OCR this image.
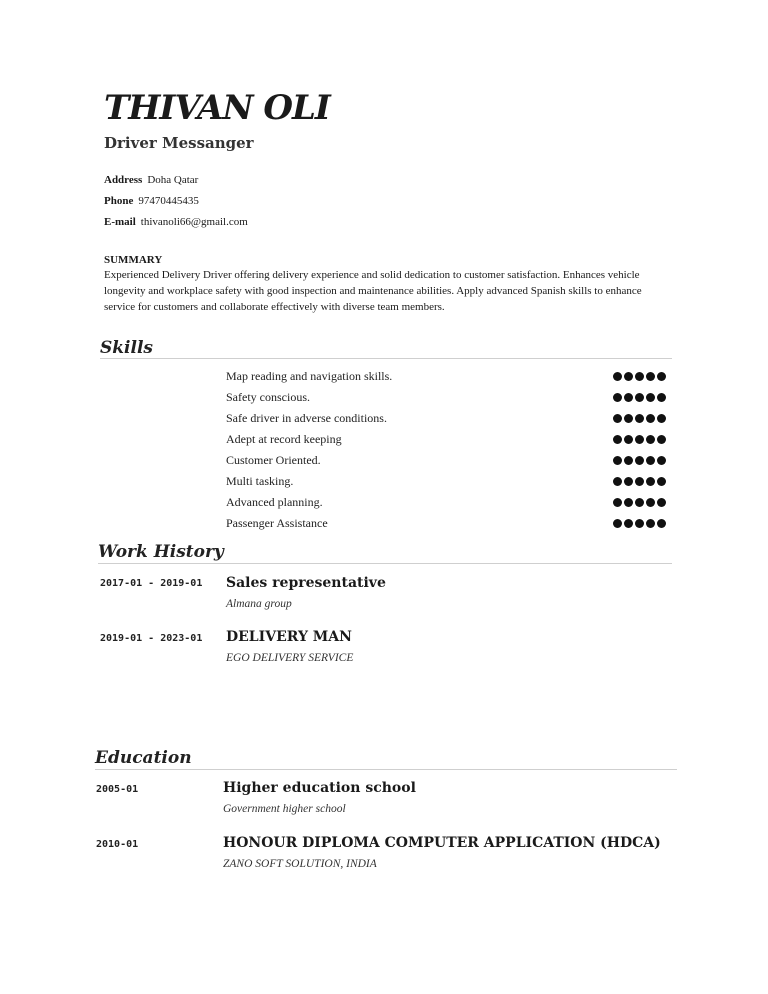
THIVAN OLI
Driver Messanger
Address Doha Qatar
Phone 97470445435
E-mail thivanoli66@gmail.com
SUMMARY
Experienced Delivery Driver offering delivery experience and solid dedication to customer satisfaction. Enhances vehicle longevity and workplace safety with good inspection and maintenance abilities. Apply advanced Spanish skills to enhance service for customers and collaborate effectively with diverse team members.
Skills
Map reading and navigation skills.
Safety conscious.
Safe driver in adverse conditions.
Adept at record keeping
Customer Oriented.
Multi tasking.
Advanced planning.
Passenger Assistance
Work History
2017-01 - 2019-01 Sales representative
Almana group
2019-01 - 2023-01 DELIVERY MAN
EGO DELIVERY SERVICE
Education
2005-01	Higher education school
Government higher school
2010-01	HONOUR DIPLOMA COMPUTER APPLICATION (HDCA)
ZANO SOFT SOLUTION, INDIA
